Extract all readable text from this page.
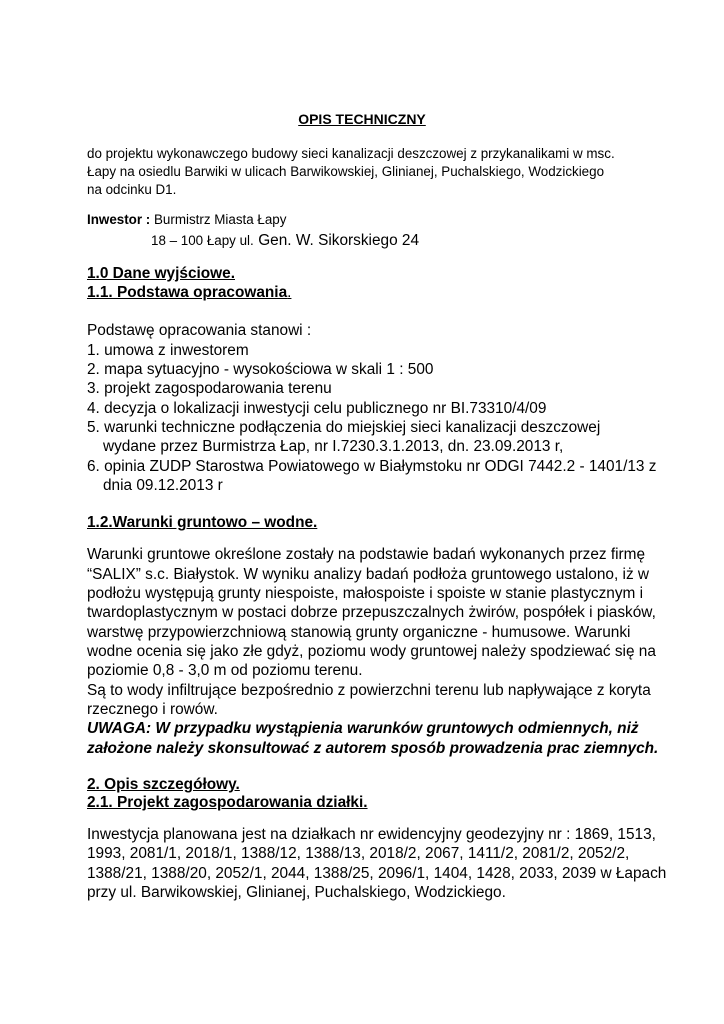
OPIS TECHNICZNY
do projektu wykonawczego budowy sieci kanalizacji deszczowej z przykanalikami w msc.
Łapy na osiedlu Barwiki w ulicach Barwikowskiej, Glinianej, Puchalskiego, Wodzickiego
na odcinku D1.
Inwestor : Burmistrz Miasta Łapy
18 – 100 Łapy ul. Gen. W. Sikorskiego 24
1.0 Dane wyjściowe.
1.1. Podstawa opracowania.
Podstawę opracowania stanowi :
1. umowa z inwestorem
2. mapa sytuacyjno - wysokościowa w skali 1 : 500
3. projekt zagospodarowania terenu
4. decyzja o lokalizacji inwestycji celu publicznego nr BI.73310/4/09
5. warunki techniczne podłączenia do miejskiej sieci kanalizacji deszczowej
wydane przez Burmistrza Łap, nr I.7230.3.1.2013, dn. 23.09.2013 r,
6. opinia ZUDP Starostwa Powiatowego w Białymstoku nr ODGI 7442.2 - 1401/13 z
dnia 09.12.2013 r
1.2.Warunki gruntowo – wodne.
Warunki gruntowe określone zostały na podstawie badań wykonanych przez firmę
“SALIX” s.c. Białystok. W wyniku analizy badań podłoża gruntowego ustalono, iż w
podłożu występują grunty niespoiste, małospoiste i spoiste w stanie plastycznym i
twardoplastycznym w postaci dobrze przepuszczalnych żwirów, pospółek i piasków,
warstwę przypowierzchniową stanowią grunty organiczne - humusowe. Warunki
wodne ocenia się jako złe gdyż, poziomu wody gruntowej należy spodziewać się na
poziomie 0,8 - 3,0 m od poziomu terenu.
Są to wody infiltrujące bezpośrednio z powierzchni terenu lub napływające z koryta
rzecznego i rowów.
UWAGA: W przypadku wystąpienia warunków gruntowych odmiennych, niż
założone należy skonsultować z autorem sposób prowadzenia prac ziemnych.
2. Opis szczegółowy.
2.1. Projekt zagospodarowania działki.
Inwestycja planowana jest na działkach nr ewidencyjny geodezyjny nr : 1869, 1513,
1993, 2081/1, 2018/1, 1388/12, 1388/13, 2018/2, 2067, 1411/2, 2081/2, 2052/2,
1388/21, 1388/20, 2052/1, 2044, 1388/25, 2096/1, 1404, 1428, 2033, 2039 w Łapach
przy ul. Barwikowskiej, Glinianej, Puchalskiego, Wodzickiego.
